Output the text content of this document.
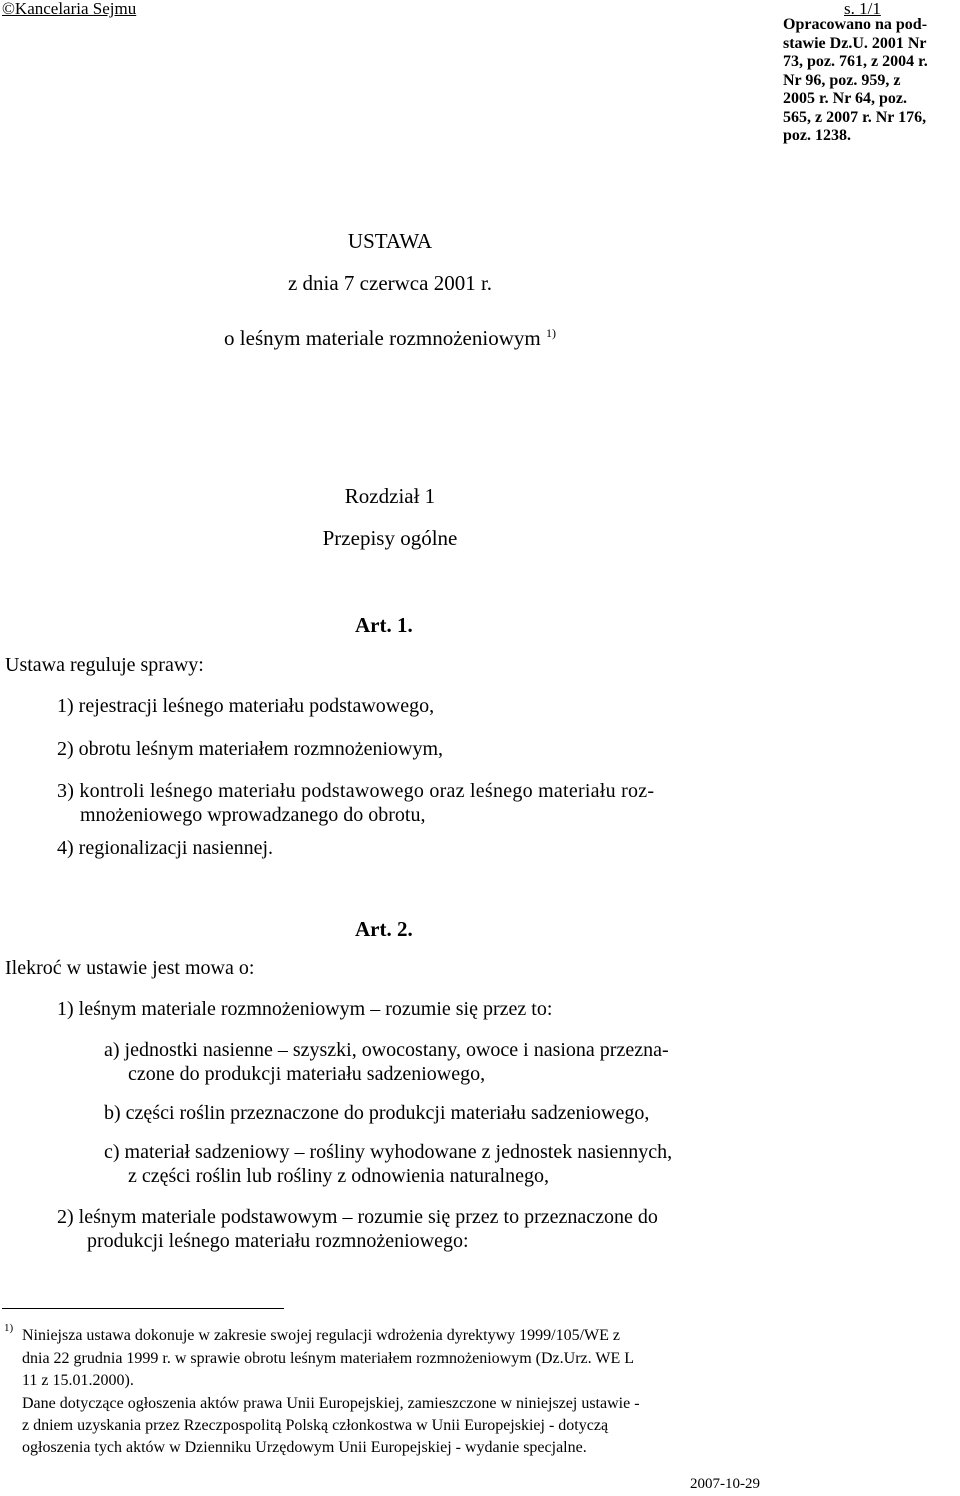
©Kancelaria Sejmu	s. 1/1
USTAWA
z dnia 7 czerwca 2001 r.
o leśnym materiale rozmnożeniowym $^{1)}$
Opracowano na pod-
stawie Dz.U. 2001 Nr
73, poz. 761, z 2004 r.
Nr 96, poz. 959, z
2005 r. Nr 64, poz.
565, z 2007 r. Nr 176,
poz. 1238.
Rozdział 1
Przepisy ogólne
Art. 1.
Ustawa reguluje sprawy:
1) rejestracji leśnego materiału podstawowego,
2) obrotu leśnym materiałem rozmnożeniowym,
3) kontroli leśnego materiału podstawowego oraz leśnego materiału roz-
mnożeniowego wprowadzanego do obrotu,
4) regionalizacji nasiennej.
Art. 2.
Ilekroć w ustawie jest mowa o:
1) leśnym materiale rozmnożeniowym – rozumie się przez to:
a) jednostki nasienne – szyszki, owocostany, owoce i nasiona przezna-
czone do produkcji materiału sadzeniowego,
b) części roślin przeznaczone do produkcji materiału sadzeniowego,
c) materiał sadzeniowy – rośliny wyhodowane z jednostek nasiennych,
z części roślin lub rośliny z odnowienia naturalnego,
2) leśnym materiale podstawowym – rozumie się przez to przeznaczone do
produkcji leśnego materiału rozmnożeniowego:
1) Niniejsza ustawa dokonuje w zakresie swojej regulacji wdrożenia dyrektywy 1999/105/WE z
dnia 22 grudnia 1999 r. w sprawie obrotu leśnym materiałem rozmnożeniowym (Dz.Urz. WE L
11 z 15.01.2000).
Dane dotyczące ogłoszenia aktów prawa Unii Europejskiej, zamieszczone w niniejszej ustawie -
z dniem uzyskania przez Rzeczpospolitą Polską członkostwa w Unii Europejskiej - dotyczą
ogłoszenia tych aktów w Dzienniku Urzędowym Unii Europejskiej - wydanie specjalne.
2007-10-29
